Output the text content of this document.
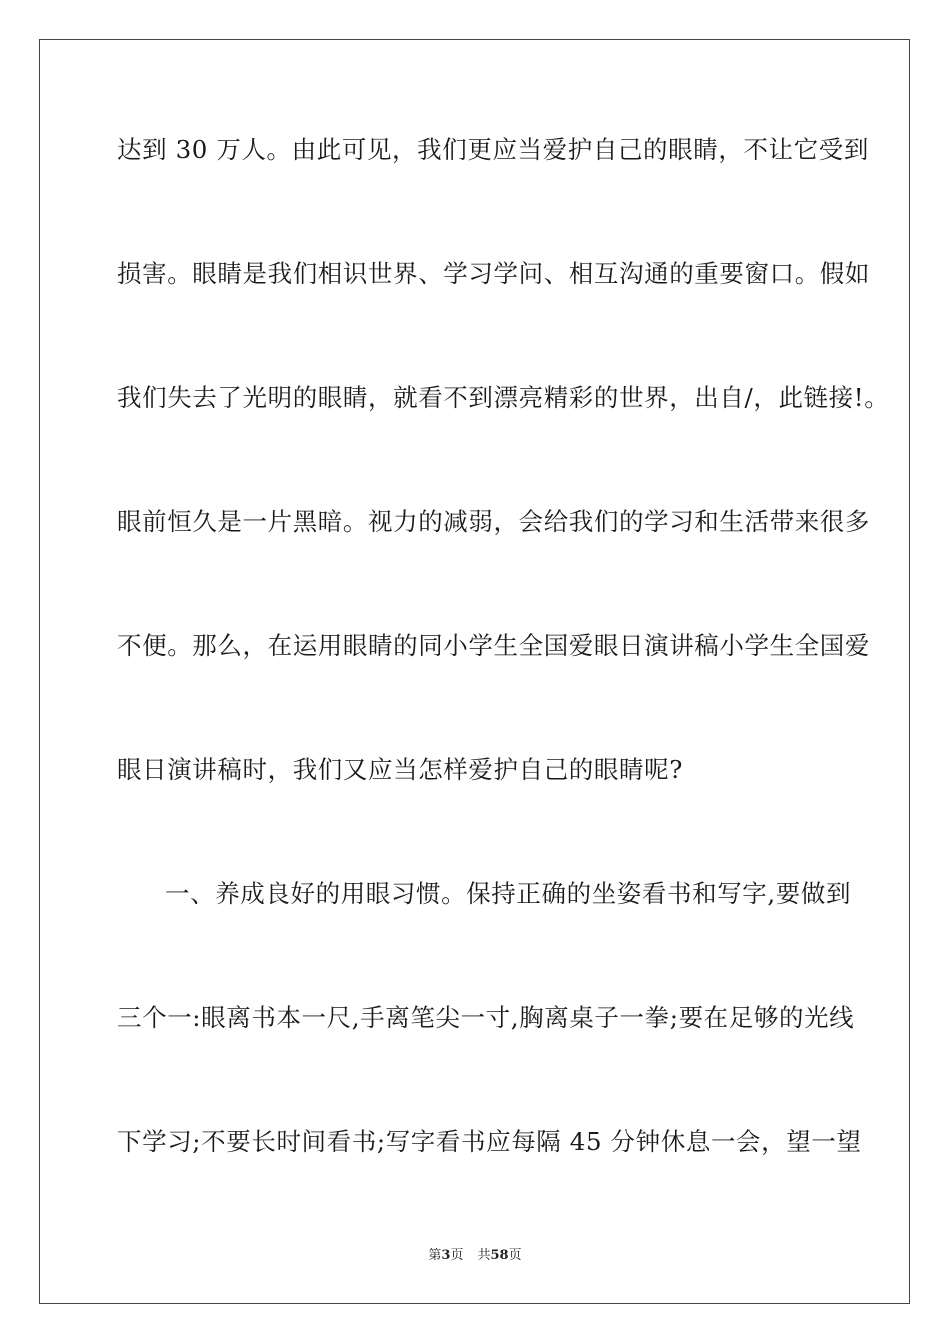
达到 30 万人。由此可见，我们更应当爱护自己的眼睛，不让它受到
损害。眼睛是我们相识世界、学习学问、相互沟通的重要窗口。假如
我们失去了光明的眼睛，就看不到漂亮精彩的世界，出自/，此链接!。
眼前恒久是一片黑暗。视力的减弱，会给我们的学习和生活带来很多
不便。那么，在运用眼睛的同小学生全国爱眼日演讲稿小学生全国爱
眼日演讲稿时，我们又应当怎样爱护自己的眼睛呢?
一、养成良好的用眼习惯。保持正确的坐姿看书和写字,要做到
三个一:眼离书本一尺,手离笔尖一寸,胸离桌子一拳;要在足够的光线
下学习;不要长时间看书;写字看书应每隔 45 分钟休息一会，望一望
第3页 共58页
